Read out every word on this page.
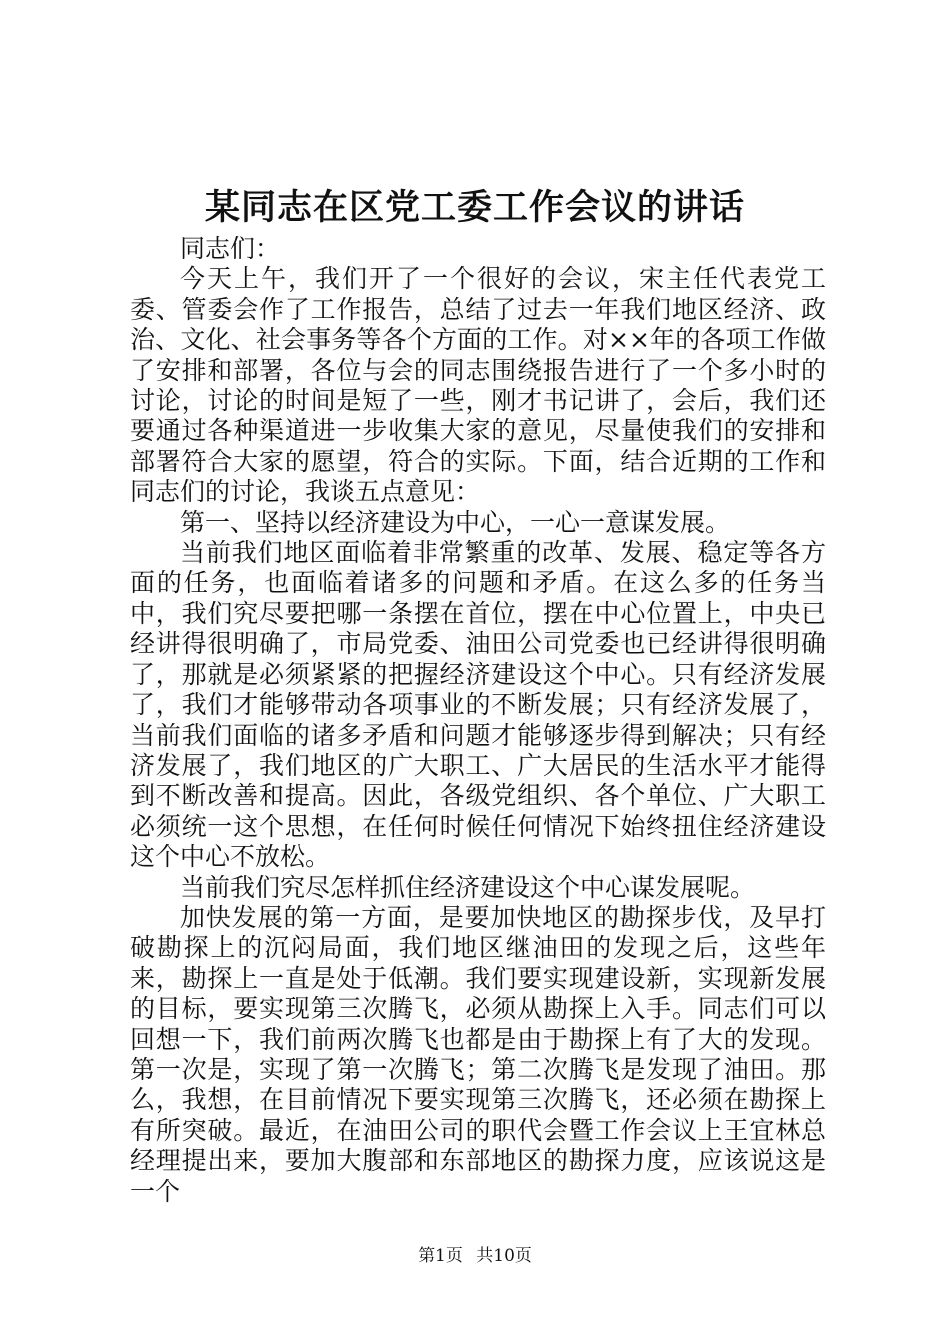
某同志在区党工委工作会议的讲话

同志们：

今天上午，我们开了一个很好的会议，宋主任代表党工委、管委会作了工作报告，总结了过去一年我们地区经济、政治、文化、社会事务等各个方面的工作。对××年的各项工作做了安排和部署，各位与会的同志围绕报告进行了一个多小时的讨论，讨论的时间是短了一些，刚才书记讲了，会后，我们还要通过各种渠道进一步收集大家的意见，尽量使我们的安排和部署符合大家的愿望，符合的实际。下面，结合近期的工作和同志们的讨论，我谈五点意见：

第一、坚持以经济建设为中心，一心一意谋发展。

当前我们地区面临着非常繁重的改革、发展、稳定等各方面的任务，也面临着诸多的问题和矛盾。在这么多的任务当中，我们究尽要把哪一条摆在首位，摆在中心位置上，中央已经讲得很明确了，市局党委、油田公司党委也已经讲得很明确了，那就是必须紧紧的把握经济建设这个中心。只有经济发展了，我们才能够带动各项事业的不断发展；只有经济发展了，当前我们面临的诸多矛盾和问题才能够逐步得到解决；只有经济发展了，我们地区的广大职工、广大居民的生活水平才能得到不断改善和提高。因此，各级党组织、各个单位、广大职工必须统一这个思想，在任何时候任何情况下始终扭住经济建设这个中心不放松。

当前我们究尽怎样抓住经济建设这个中心谋发展呢。

加快发展的第一方面，是要加快地区的勘探步伐，及早打破勘探上的沉闷局面，我们地区继油田的发现之后，这些年来，勘探上一直是处于低潮。我们要实现建设新，实现新发展的目标，要实现第三次腾飞，必须从勘探上入手。同志们可以回想一下，我们前两次腾飞也都是由于勘探上有了大的发现。第一次是，实现了第一次腾飞；第二次腾飞是发现了油田。那么，我想，在目前情况下要实现第三次腾飞，还必须在勘探上有所突破。最近，在油田公司的职代会暨工作会议上王宜林总经理提出来，要加大腹部和东部地区的勘探力度，应该说这是一个

第1页 共10页
